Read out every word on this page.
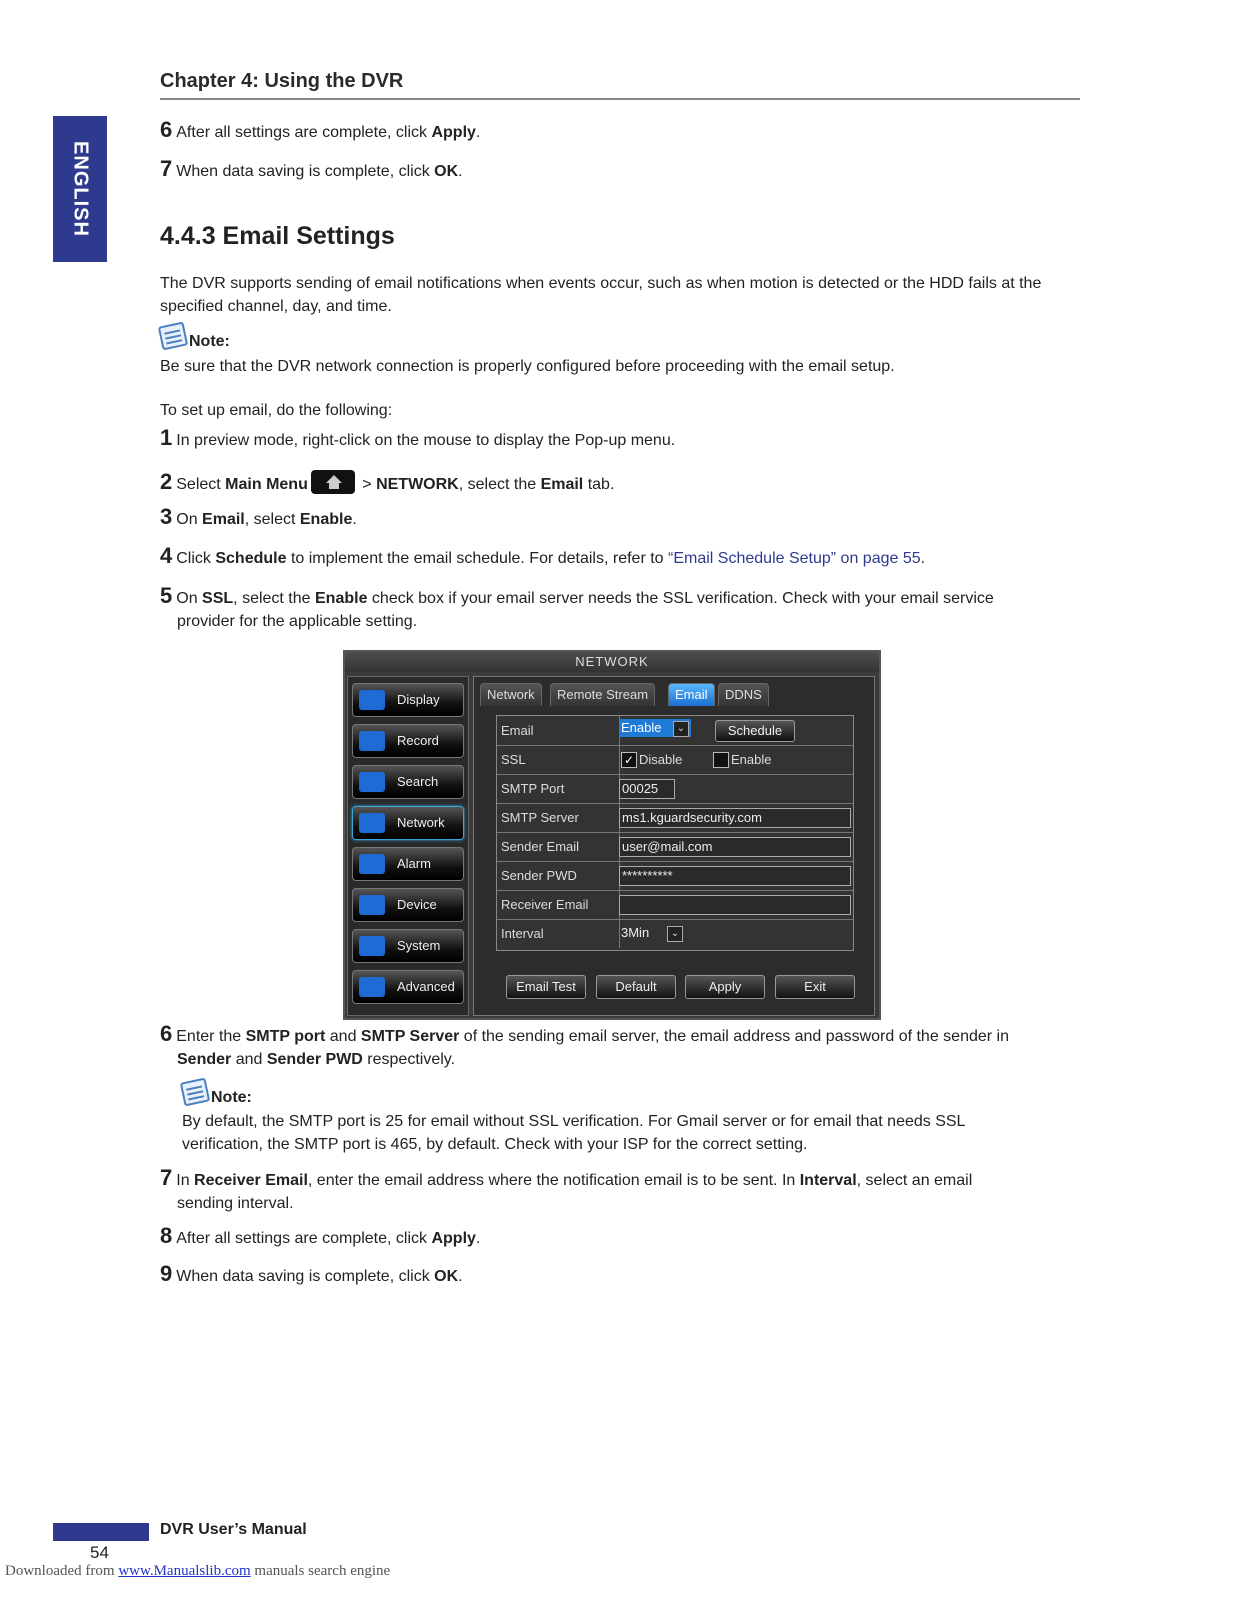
Chapter 4: Using the DVR
ENGLISH
6 After all settings are complete, click Apply.
7 When data saving is complete, click OK.
4.4.3 Email Settings
The DVR supports sending of email notifications when events occur, such as when motion is detected or the HDD fails at the specified channel, day, and time.
Note:
Be sure that the DVR network connection is properly configured before proceeding with the email setup.
To set up email, do the following:
1 In preview mode, right-click on the mouse to display the Pop-up menu.
2 Select Main Menu	> NETWORK, select the Email tab.
3 On Email, select Enable.
4 Click Schedule to implement the email schedule. For details, refer to “Email Schedule Setup” on page 55.
5 On SSL, select the Enable check box if your email server needs the SSL verification. Check with your email service
provider for the applicable setting.
NETWORK
Display
Record
Search
Network
Alarm
Device
System
Advanced
Network	Remote Stream	Email	DDNS
Email	Enable	⌄	Schedule
SSL	✓ Disable	Enable
SMTP Port	00025
SMTP Server	ms1.kguardsecurity.com
Sender Email	user@mail.com
Sender PWD	**********
Receiver Email
Interval	3Min	⌄
Email Test	Default	Apply	Exit
6 Enter the SMTP port and SMTP Server of the sending email server, the email address and password of the sender in
Sender and Sender PWD respectively.
Note:
By default, the SMTP port is 25 for email without SSL verification. For Gmail server or for email that needs SSL verification, the SMTP port is 465, by default. Check with your ISP for the correct setting.
7 In Receiver Email, enter the email address where the notification email is to be sent. In Interval, select an email
sending interval.
8 After all settings are complete, click Apply.
9 When data saving is complete, click OK.
DVR User’s Manual
54
Downloaded from www.Manualslib.com manuals search engine
